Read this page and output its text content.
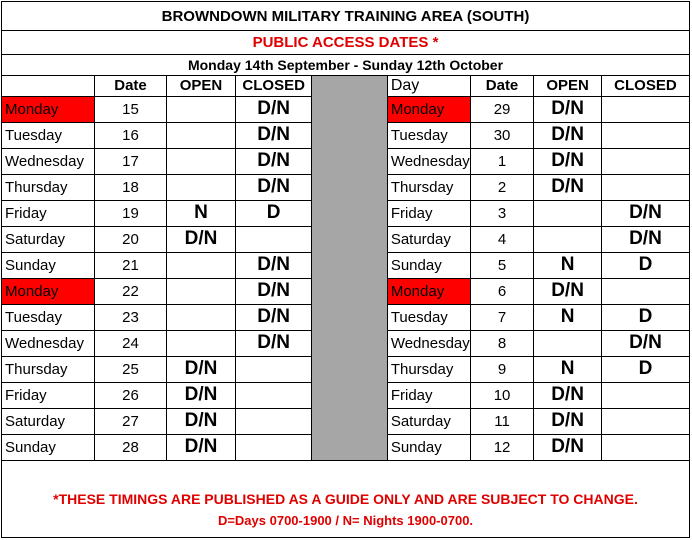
BROWNDOWN MILITARY TRAINING AREA (SOUTH)
PUBLIC ACCESS DATES *
Monday 14th September - Sunday 12th October
	Date	OPEN	CLOSED		Day	Date	OPEN	CLOSED
Monday	15		D/N		Monday	29	D/N	
Tuesday	16		D/N		Tuesday	30	D/N	
Wednesday	17		D/N		Wednesday	1	D/N	
Thursday	18		D/N		Thursday	2	D/N	
Friday	19	N	D		Friday	3		D/N
Saturday	20	D/N			Saturday	4		D/N
Sunday	21		D/N		Sunday	5	N	D
Monday	22		D/N		Monday	6	D/N	
Tuesday	23		D/N		Tuesday	7	N	D
Wednesday	24		D/N		Wednesday	8		D/N
Thursday	25	D/N			Thursday	9	N	D
Friday	26	D/N			Friday	10	D/N	
Saturday	27	D/N			Saturday	11	D/N	
Sunday	28	D/N			Sunday	12	D/N	
*THESE TIMINGS ARE PUBLISHED AS A GUIDE ONLY AND ARE SUBJECT TO CHANGE.
D=Days 0700-1900 / N= Nights 1900-0700.
